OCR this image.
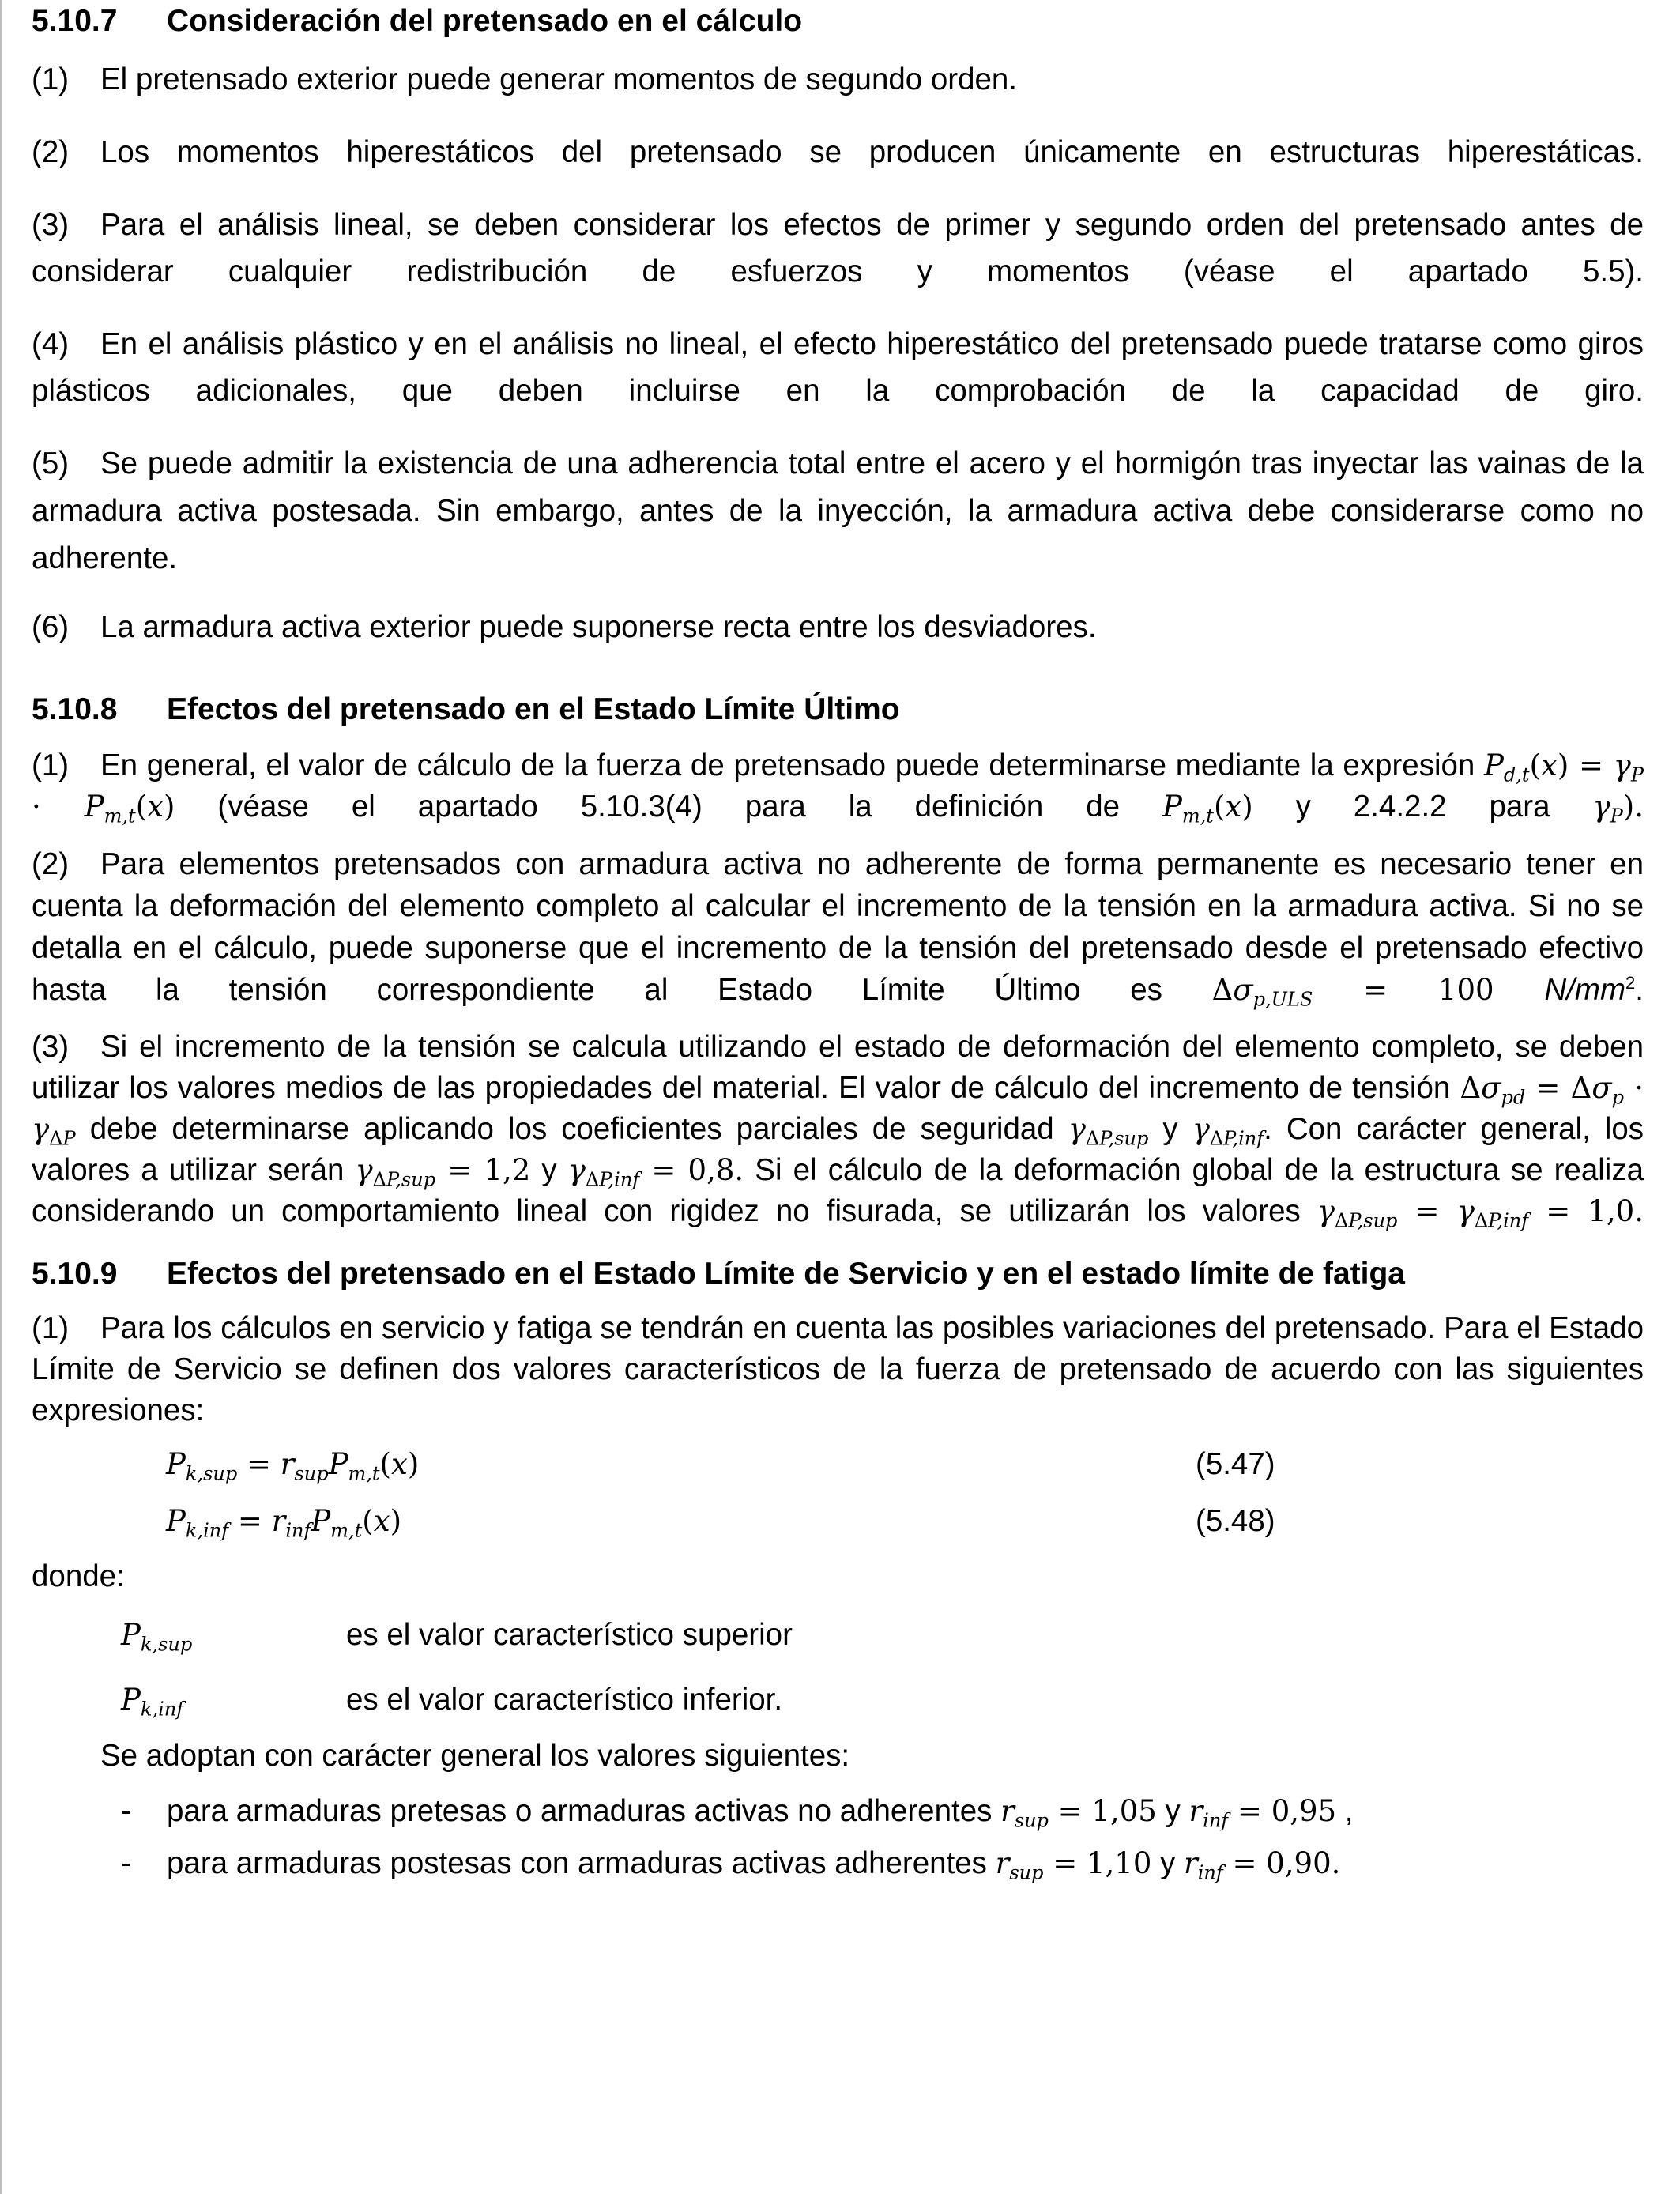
5.10.7 Consideración del pretensado en el cálculo

(1) El pretensado exterior puede generar momentos de segundo orden.

(2) Los momentos hiperestáticos del pretensado se producen únicamente en estructuras hiperestáticas.

(3) Para el análisis lineal, se deben considerar los efectos de primer y segundo orden del pretensado antes de considerar cualquier redistribución de esfuerzos y momentos (véase el apartado 5.5).

(4) En el análisis plástico y en el análisis no lineal, el efecto hiperestático del pretensado puede tratarse como giros plásticos adicionales, que deben incluirse en la comprobación de la capacidad de giro.

(5) Se puede admitir la existencia de una adherencia total entre el acero y el hormigón tras inyectar las vainas de la armadura activa postesada. Sin embargo, antes de la inyección, la armadura activa debe considerarse como no adherente.

(6) La armadura activa exterior puede suponerse recta entre los desviadores.

5.10.8 Efectos del pretensado en el Estado Límite Último

(1) En general, el valor de cálculo de la fuerza de pretensado puede determinarse mediante la expresión $P_{d,t}(x) = \gamma_P \cdot P_{m,t}(x)$ (véase el apartado 5.10.3(4) para la definición de $P_{m,t}(x)$ y 2.4.2.2 para $\gamma_P$).

(2) Para elementos pretensados con armadura activa no adherente de forma permanente es necesario tener en cuenta la deformación del elemento completo al calcular el incremento de la tensión en la armadura activa. Si no se detalla en el cálculo, puede suponerse que el incremento de la tensión del pretensado desde el pretensado efectivo hasta la tensión correspondiente al Estado Límite Último es $\Delta\sigma_{p,ULS} = 100$ $N/mm^2$.

(3) Si el incremento de la tensión se calcula utilizando el estado de deformación del elemento completo, se deben utilizar los valores medios de las propiedades del material. El valor de cálculo del incremento de tensión $\Delta\sigma_{pd} = \Delta\sigma_p \cdot \gamma_{\Delta P}$ debe determinarse aplicando los coeficientes parciales de seguridad $\gamma_{\Delta P,sup}$ y $\gamma_{\Delta P,inf}$. Con carácter general, los valores a utilizar serán $\gamma_{\Delta P,sup} = 1,2$ y $\gamma_{\Delta P,inf} = 0,8$. Si el cálculo de la deformación global de la estructura se realiza considerando un comportamiento lineal con rigidez no fisurada, se utilizarán los valores $\gamma_{\Delta P,sup} = \gamma_{\Delta P,inf} = 1,0$.

5.10.9 Efectos del pretensado en el Estado Límite de Servicio y en el estado límite de fatiga

(1) Para los cálculos en servicio y fatiga se tendrán en cuenta las posibles variaciones del pretensado. Para el Estado Límite de Servicio se definen dos valores característicos de la fuerza de pretensado de acuerdo con las siguientes expresiones:

$P_{k,sup} = r_{sup}P_{m,t}(x)$	(5.47)
$P_{k,inf} = r_{inf}P_{m,t}(x)$	(5.48)

donde:

$P_{k,sup}$	es el valor característico superior
$P_{k,inf}$	es el valor característico inferior.

Se adoptan con carácter general los valores siguientes:

- para armaduras pretesas o armaduras activas no adherentes $r_{sup} = 1,05$ y $r_{inf} = 0,95$ ,
- para armaduras postesas con armaduras activas adherentes $r_{sup} = 1,10$ y $r_{inf} = 0,90$.
